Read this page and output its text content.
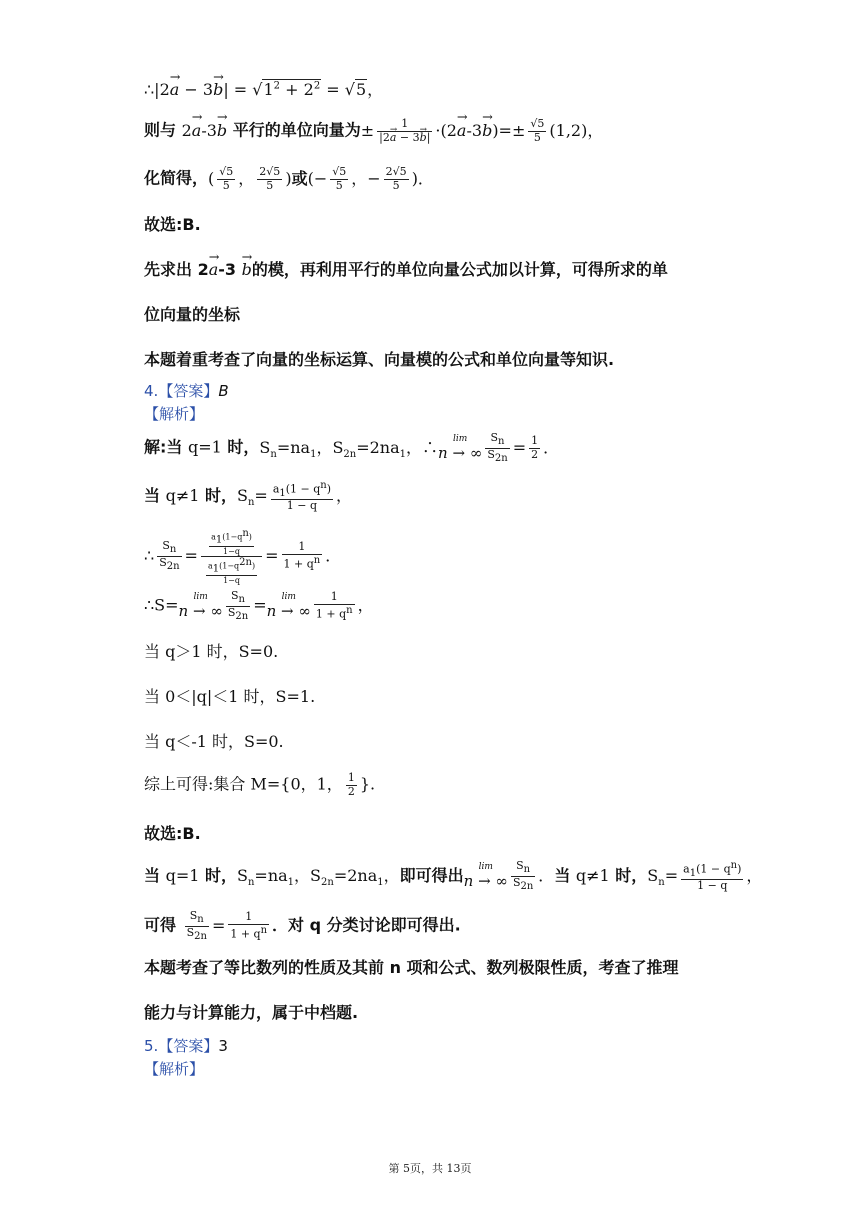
∴|2→ $a - 3\to b| = √1^2 + 2^2 = √5$，
则与 2→ a-3→ b 平行的单位向量为± $\frac{1}{|2\to a - 3\to b|} \cdot(2\to a-3\to b)=\pm \frac{√5}{5} (1,2)$，
化简得，( $\frac{√5}{5}$ ， $\frac{2√5}{5}$ )或(− $\frac{√5}{5}$ ，− $\frac{2√5}{5}$ )．
故选:B.
先求出 2→ a-3 → b的模，再利用平行的单位向量公式加以计算，可得所求的单
位向量的坐标
本题着重考查了向量的坐标运算、向量模的公式和单位向量等知识.
4.【答案】B
【解析】
解:当 q=1 时，$S_n=na_1$，$S_{2n}=2na_1$，∴	lim
n → ∞ $\frac{S_n}{S_{2n}} = \frac{1}{2}$ ．
当 q≠1 时，$S_n= \frac{a_1(1 - q^n)}{1 - q}$ ，
∴ $\frac{S_n}{S_{2n}} = \frac{\frac{a_1(1-q^n)}{1-q}}{\frac{a_1(1-q^{2n})}{1-q}} = \frac{1}{1 + q^n}$ ．
∴S=	lim
n → ∞ $\frac{S_n}{S_{2n}}$ =	lim
n → ∞ $\frac{1}{1 + q^n}$ ，
当 q＞1 时，S=0.
当 0＜|q|＜1 时，S=1.
当 q＜-1 时，S=0.
综上可得:集合 M={0，1， $\frac{1}{2}$ }.
故选:B.
当 q=1 时，$S_n=na_1$，$S_{2n}=2na_1$，即可得出	lim
n → ∞ $\frac{S_n}{S_{2n}}$ ．当 q≠1 时，$S_n= \frac{a_1(1 - q^n)}{1 - q}$ ，
可得 $\frac{S_n}{S_{2n}} = \frac{1}{1 + q^n}$ ．对 q 分类讨论即可得出.
本题考查了等比数列的性质及其前 n 项和公式、数列极限性质，考查了推理
能力与计算能力，属于中档题.
5.【答案】3
【解析】
第 5页，共 13页
